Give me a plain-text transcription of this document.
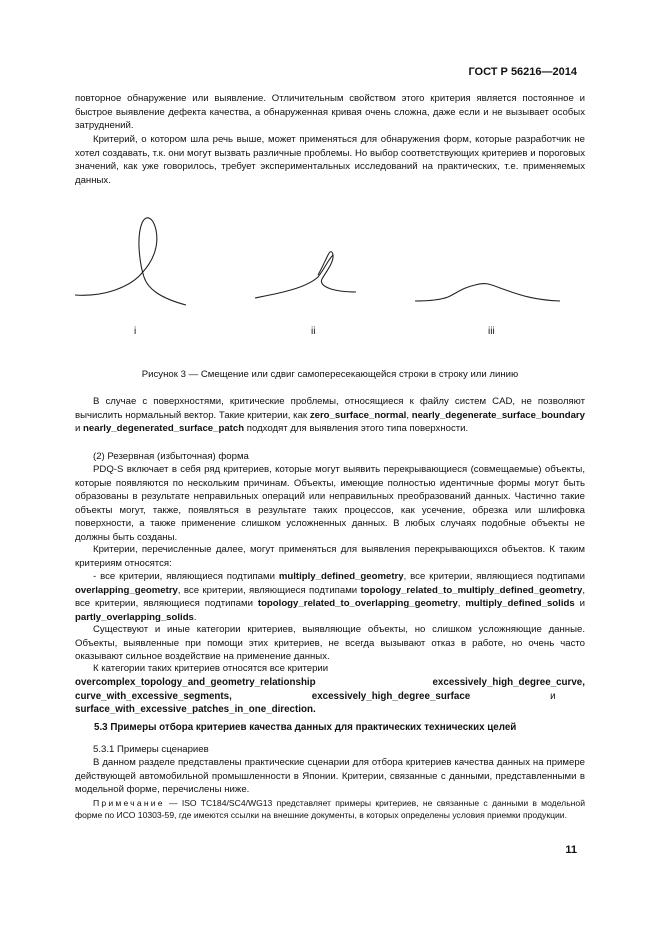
ГОСТ Р 56216—2014
повторное обнаружение или выявление. Отличительным свойством этого критерия является постоянное и быстрое выявление дефекта качества, а обнаруженная кривая очень сложна, даже если и не вызывает особых затруднений.
Критерий, о котором шла речь выше, может применяться для обнаружения форм, которые разработчик не хотел создавать, т.к. они могут вызвать различные проблемы. Но выбор соответствующих критериев и пороговых значений, как уже говорилось, требует экспериментальных исследований на практических, т.е. применяемых данных.
i	ii	iii
Рисунок 3 — Смещение или сдвиг самопересекающейся строки в строку или линию
В случае с поверхностями, критические проблемы, относящиеся к файлу систем CAD, не позволяют вычислить нормальный вектор. Такие критерии, как zero_surface_normal, nearly_degenerate_surface_boundary и nearly_degenerated_surface_patch подходят для выявления этого типа поверхности.
(2) Резервная (избыточная) форма
PDQ-S включает в себя ряд критериев, которые могут выявить перекрывающиеся (совмещаемые) объекты, которые появляются по нескольким причинам. Объекты, имеющие полностью идентичные формы могут быть образованы в результате неправильных операций или неправильных преобразований данных. Частично такие объекты могут, также, появляться в результате таких процессов, как усечение, обрезка или шлифовка поверхности, а также применение слишком усложненных данных. В любых случаях подобные объекты не должны быть созданы.
Критерии, перечисленные далее, могут применяться для выявления перекрывающихся объектов. К таким критериям относятся:
- все критерии, являющиеся подтипами multiply_defined_geometry, все критерии, являющиеся подтипами overlapping_geometry, все критерии, являющиеся подтипами topology_related_to_multiply_defined_geometry, все критерии, являющиеся подтипами topology_related_to_overlapping_geometry, multiply_defined_solids и partly_overlapping_solids.
Существуют и иные категории критериев, выявляющие объекты, но слишком усложняющие данные. Объекты, выявленные при помощи этих критериев, не всегда вызывают отказ в работе, но очень часто оказывают сильное воздействие на применение данных.
К категории таких критериев относятся все критерии
overcomplex_topology_and_geometry_relationship	excessively_high_degree_curve, curve_with_excessive_segments,   excessively_high_degree_surface	и   surface_with_excessive_patches_in_one_direction.
5.3 Примеры отбора критериев качества данных для практических технических целей
5.3.1 Примеры сценариев
В данном разделе представлены практические сценарии для отбора критериев качества данных на примере действующей автомобильной промышленности в Японии. Критерии, связанные с данными, представленными в модельной форме, перечислены ниже.
Примечание — ISO TC184/SC4/WG13 представляет примеры критериев, не связанные с данными в модельной форме по ИСО 10303-59, где имеются ссылки на внешние документы, в которых определены условия приемки продукции.
11
